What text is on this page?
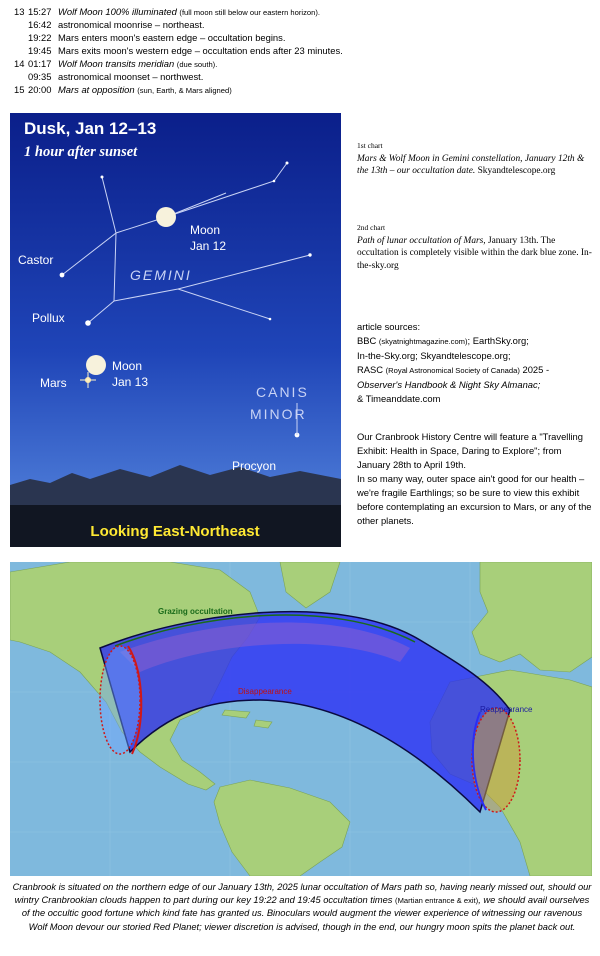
13 15:27 Wolf Moon 100% illuminated (full moon still below our eastern horizon).
16:42 astronomical moonrise – northeast.
19:22 Mars enters moon's eastern edge – occultation begins.
19:45 Mars exits moon's western edge – occultation ends after 23 minutes.
14 01:17 Wolf Moon transits meridian (due south).
09:35 astronomical moonset – northwest.
15 20:00 Mars at opposition (sun, Earth, & Mars aligned)
Dusk, Jan 12–13
1 hour after sunset
Castor
Pollux
GEMINI
Moon
Jan 12
Moon
Jan 13
Mars
CANIS
MINOR
Procyon
Looking East-Northeast
1st chart
Mars & Wolf Moon in Gemini constellation, January 12th & the 13th – our occultation date. Skyandtelescope.org
2nd chart
Path of lunar occultation of Mars, January 13th. The occultation is completely visible within the dark blue zone. In-the-sky.org
article sources:
BBC (skyatnightmagazine.com); EarthSky.org;
In-the-Sky.org; Skyandtelescope.org;
RASC (Royal Astronomical Society of Canada) 2025 -
Observer's Handbook & Night Sky Almanac;
& Timeanddate.com
Our Cranbrook History Centre will feature a "Travelling Exhibit: Health in Space, Daring to Explore"; from January 28th to April 19th.
In so many way, outer space ain't good for our health – we're fragile Earthlings; so be sure to view this exhibit before contemplating an excursion to Mars, or any of the other planets.
Grazing occultation
Disappearance
Reappearance
Cranbrook is situated on the northern edge of our January 13th, 2025 lunar occultation of Mars path so, having nearly missed out, should our wintry Cranbrookian clouds happen to part during our key 19:22 and 19:45 occultation times (Martian entrance & exit), we should avail ourselves of the occultic good fortune which kind fate has granted us. Binoculars would augment the viewer experience of witnessing our ravenous Wolf Moon devour our storied Red Planet; viewer discretion is advised, though in the end, our hungry moon spits the planet back out.
